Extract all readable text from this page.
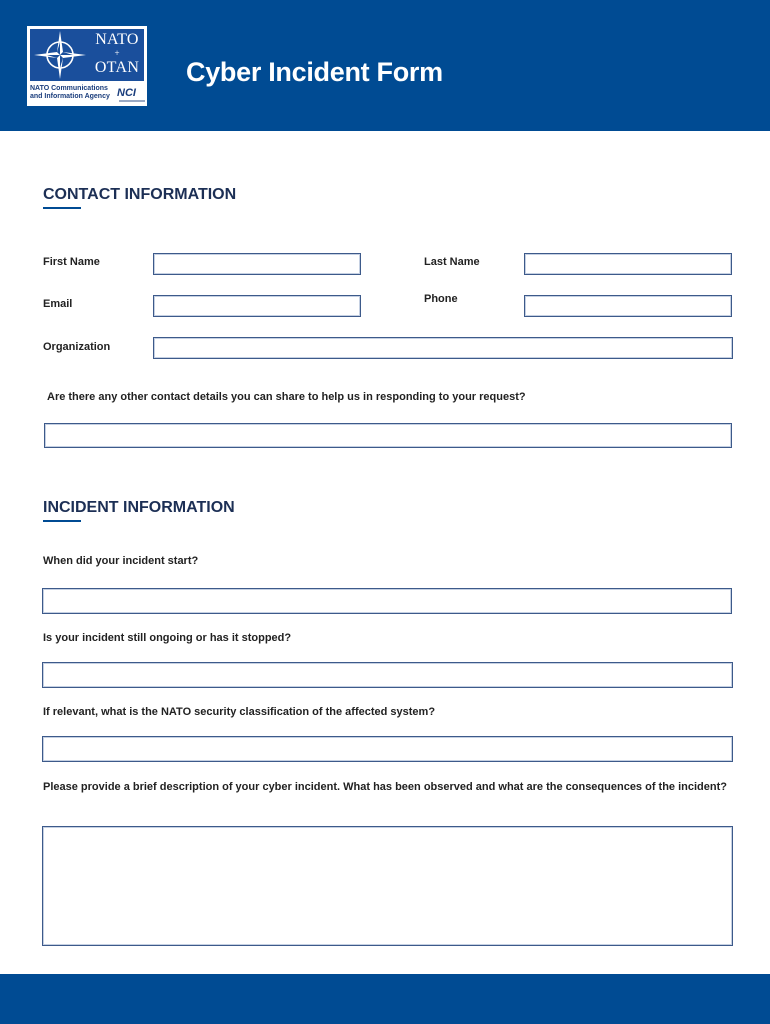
NATO
+
OTAN
NATO Communications
and Information Agency NCI
Cyber Incident Form
CONTACT INFORMATION
First Name	Last Name
Email	Phone
Organization
Are there any other contact details you can share to help us in responding to your request?
INCIDENT INFORMATION
When did your incident start?
Is your incident still ongoing or has it stopped?
If relevant, what is the NATO security classification of the affected system?
Please provide a brief description of your cyber incident. What has been observed and what are the consequences of the incident?
